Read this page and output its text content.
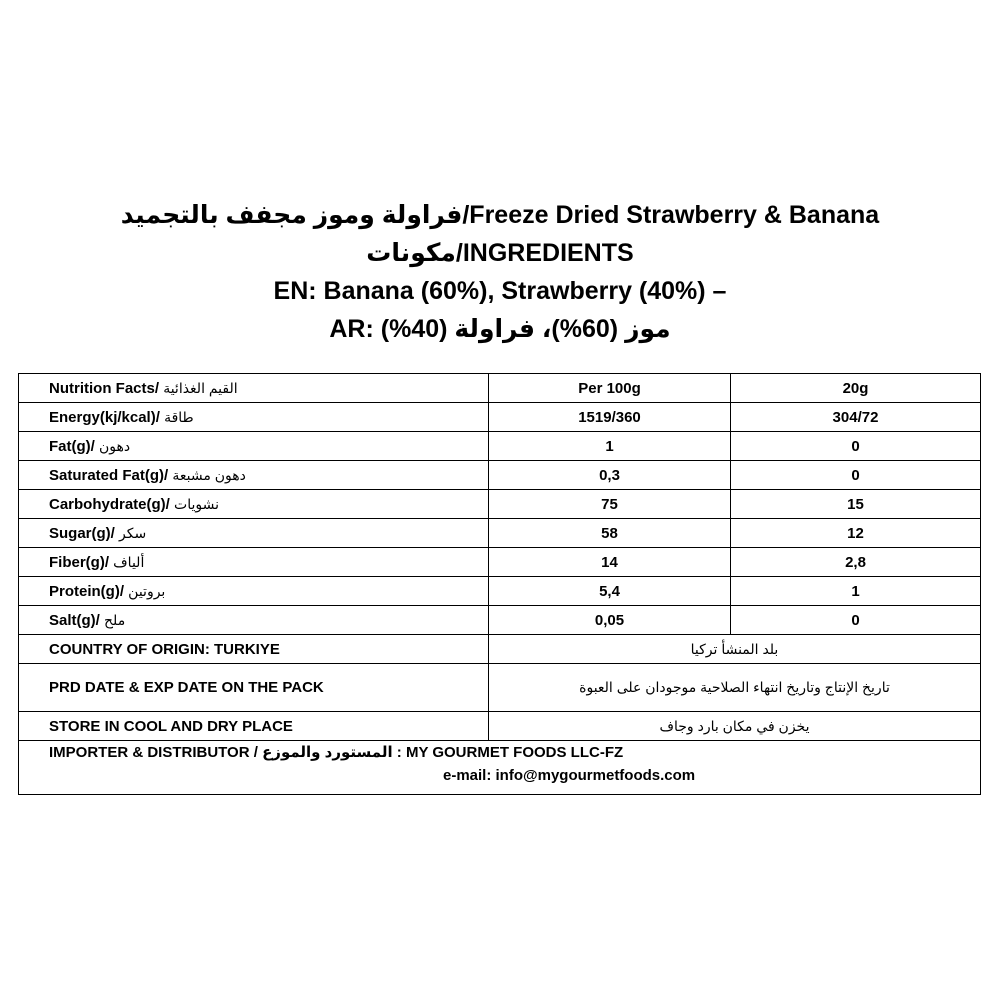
فراولة وموز مجفف بالتجميد/Freeze Dried Strawberry & Banana
مكونات/INGREDIENTS
EN: Banana (60%), Strawberry (40%) –
AR: موز (60%)، فراولة (40%)
Nutrition Facts/ القيم الغذائية	Per 100g	20g
Energy(kj/kcal)/ طاقة	1519/360	304/72
Fat(g)/ دهون	1	0
Saturated Fat(g)/ دهون مشبعة	0,3	0
Carbohydrate(g)/ نشويات	75	15
Sugar(g)/ سكر	58	12
Fiber(g)/ ألياف	14	2,8
Protein(g)/ بروتين	5,4	1
Salt(g)/ ملح	0,05	0
COUNTRY OF ORIGIN: TURKIYE	بلد المنشأ تركيا	
PRD DATE & EXP DATE ON THE PACK	تاريخ الإنتاج وتاريخ انتهاء الصلاحية موجودان على العبوة	
STORE IN COOL AND DRY PLACE	يخزن في مكان بارد وجاف	
IMPORTER & DISTRIBUTOR / المستورد والموزع : MY GOURMET FOODS LLC-FZ
e-mail: info@mygourmetfoods.com		
